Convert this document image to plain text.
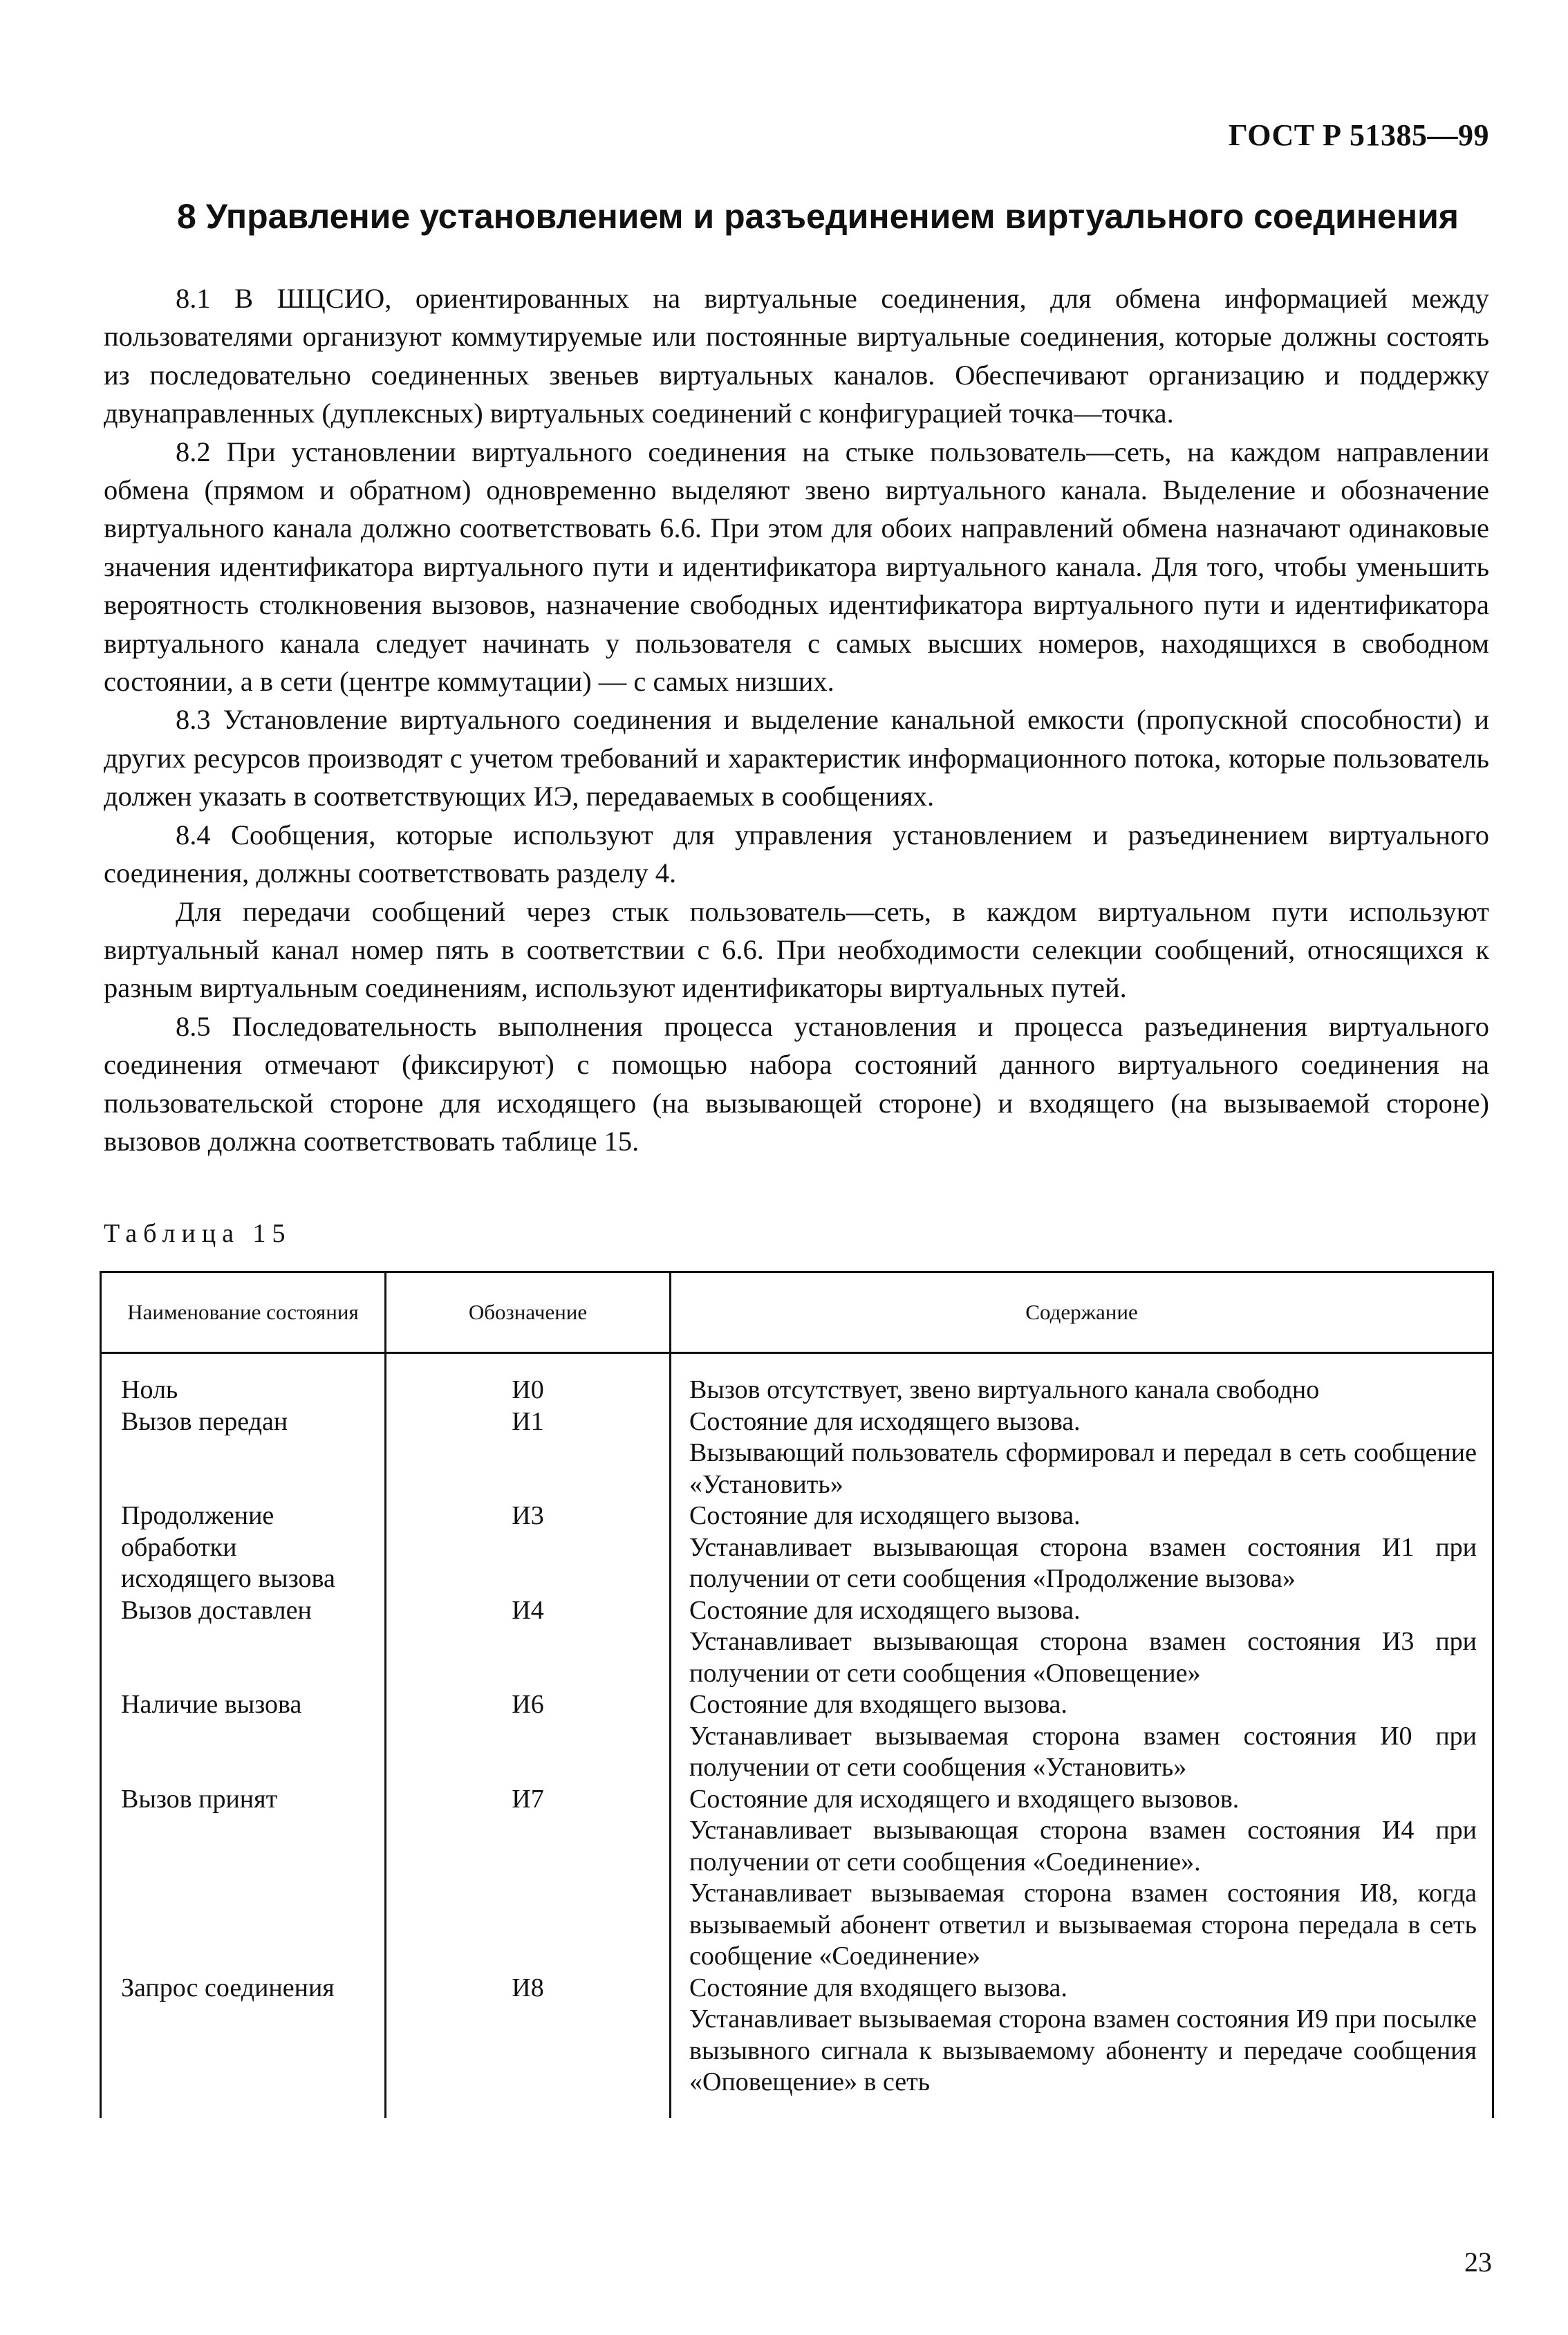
ГОСТ Р 51385—99
8 Управление установлением и разъединением виртуального соединения

8.1 В ШЦСИО, ориентированных на виртуальные соединения, для обмена информацией между пользователями организуют коммутируемые или постоянные виртуальные соединения, которые должны состоять из последовательно соединенных звеньев виртуальных каналов. Обеспечивают организацию и поддержку двунаправленных (дуплексных) виртуальных соединений с конфигурацией точка—точка.

8.2 При установлении виртуального соединения на стыке пользователь—сеть, на каждом направлении обмена (прямом и обратном) одновременно выделяют звено виртуального канала. Выделение и обозначение виртуального канала должно соответствовать 6.6. При этом для обоих направлений обмена назначают одинаковые значения идентификатора виртуального пути и идентификатора виртуального канала. Для того, чтобы уменьшить вероятность столкновения вызовов, назначение свободных идентификатора виртуального пути и идентификатора виртуального канала следует начинать у пользователя с самых высших номеров, находящихся в свободном состоянии, а в сети (центре коммутации) — с самых низших.

8.3 Установление виртуального соединения и выделение канальной емкости (пропускной способности) и других ресурсов производят с учетом требований и характеристик информационного потока, которые пользователь должен указать в соответствующих ИЭ, передаваемых в сообщениях.

8.4 Сообщения, которые используют для управления установлением и разъединением виртуального соединения, должны соответствовать разделу 4.

Для передачи сообщений через стык пользователь—сеть, в каждом виртуальном пути используют виртуальный канал номер пять в соответствии с 6.6. При необходимости селекции сообщений, относящихся к разным виртуальным соединениям, используют идентификаторы виртуальных путей.

8.5 Последовательность выполнения процесса установления и процесса разъединения виртуального соединения отмечают (фиксируют) с помощью набора состояний данного виртуального соединения на пользовательской стороне для исходящего (на вызывающей стороне) и входящего (на вызываемой стороне) вызовов должна соответствовать таблице 15.

Таблица 15
Наименование состояния	Обозначение	Содержание
Ноль	И0	Вызов отсутствует, звено виртуального канала свободно

Вызов передан	И1	Состояние для исходящего вызова.
Вызывающий пользователь сформировал и передал в сеть сообщение «Установить»

Продолжение обработки исходящего вызова	И3	Состояние для исходящего вызова.
Устанавливает вызывающая сторона взамен состояния И1 при получении от сети сообщения «Продолжение вызова»

Вызов доставлен	И4	Состояние для исходящего вызова.
Устанавливает вызывающая сторона взамен состояния И3 при получении от сети сообщения «Оповещение»

Наличие вызова	И6	Состояние для входящего вызова.
Устанавливает вызываемая сторона взамен состояния И0 при получении от сети сообщения «Установить»

Вызов принят	И7	Состояние для исходящего и входящего вызовов.
Устанавливает вызывающая сторона взамен состояния И4 при получении от сети сообщения «Соединение».
Устанавливает вызываемая сторона взамен состояния И8, когда вызываемый абонент ответил и вызываемая сторона передала в сеть сообщение «Соединение»

Запрос соединения	И8	Состояние для входящего вызова.
Устанавливает вызываемая сторона взамен состояния И9 при посылке вызывного сигнала к вызываемому абоненту и передаче сообщения «Оповещение» в сеть
23
